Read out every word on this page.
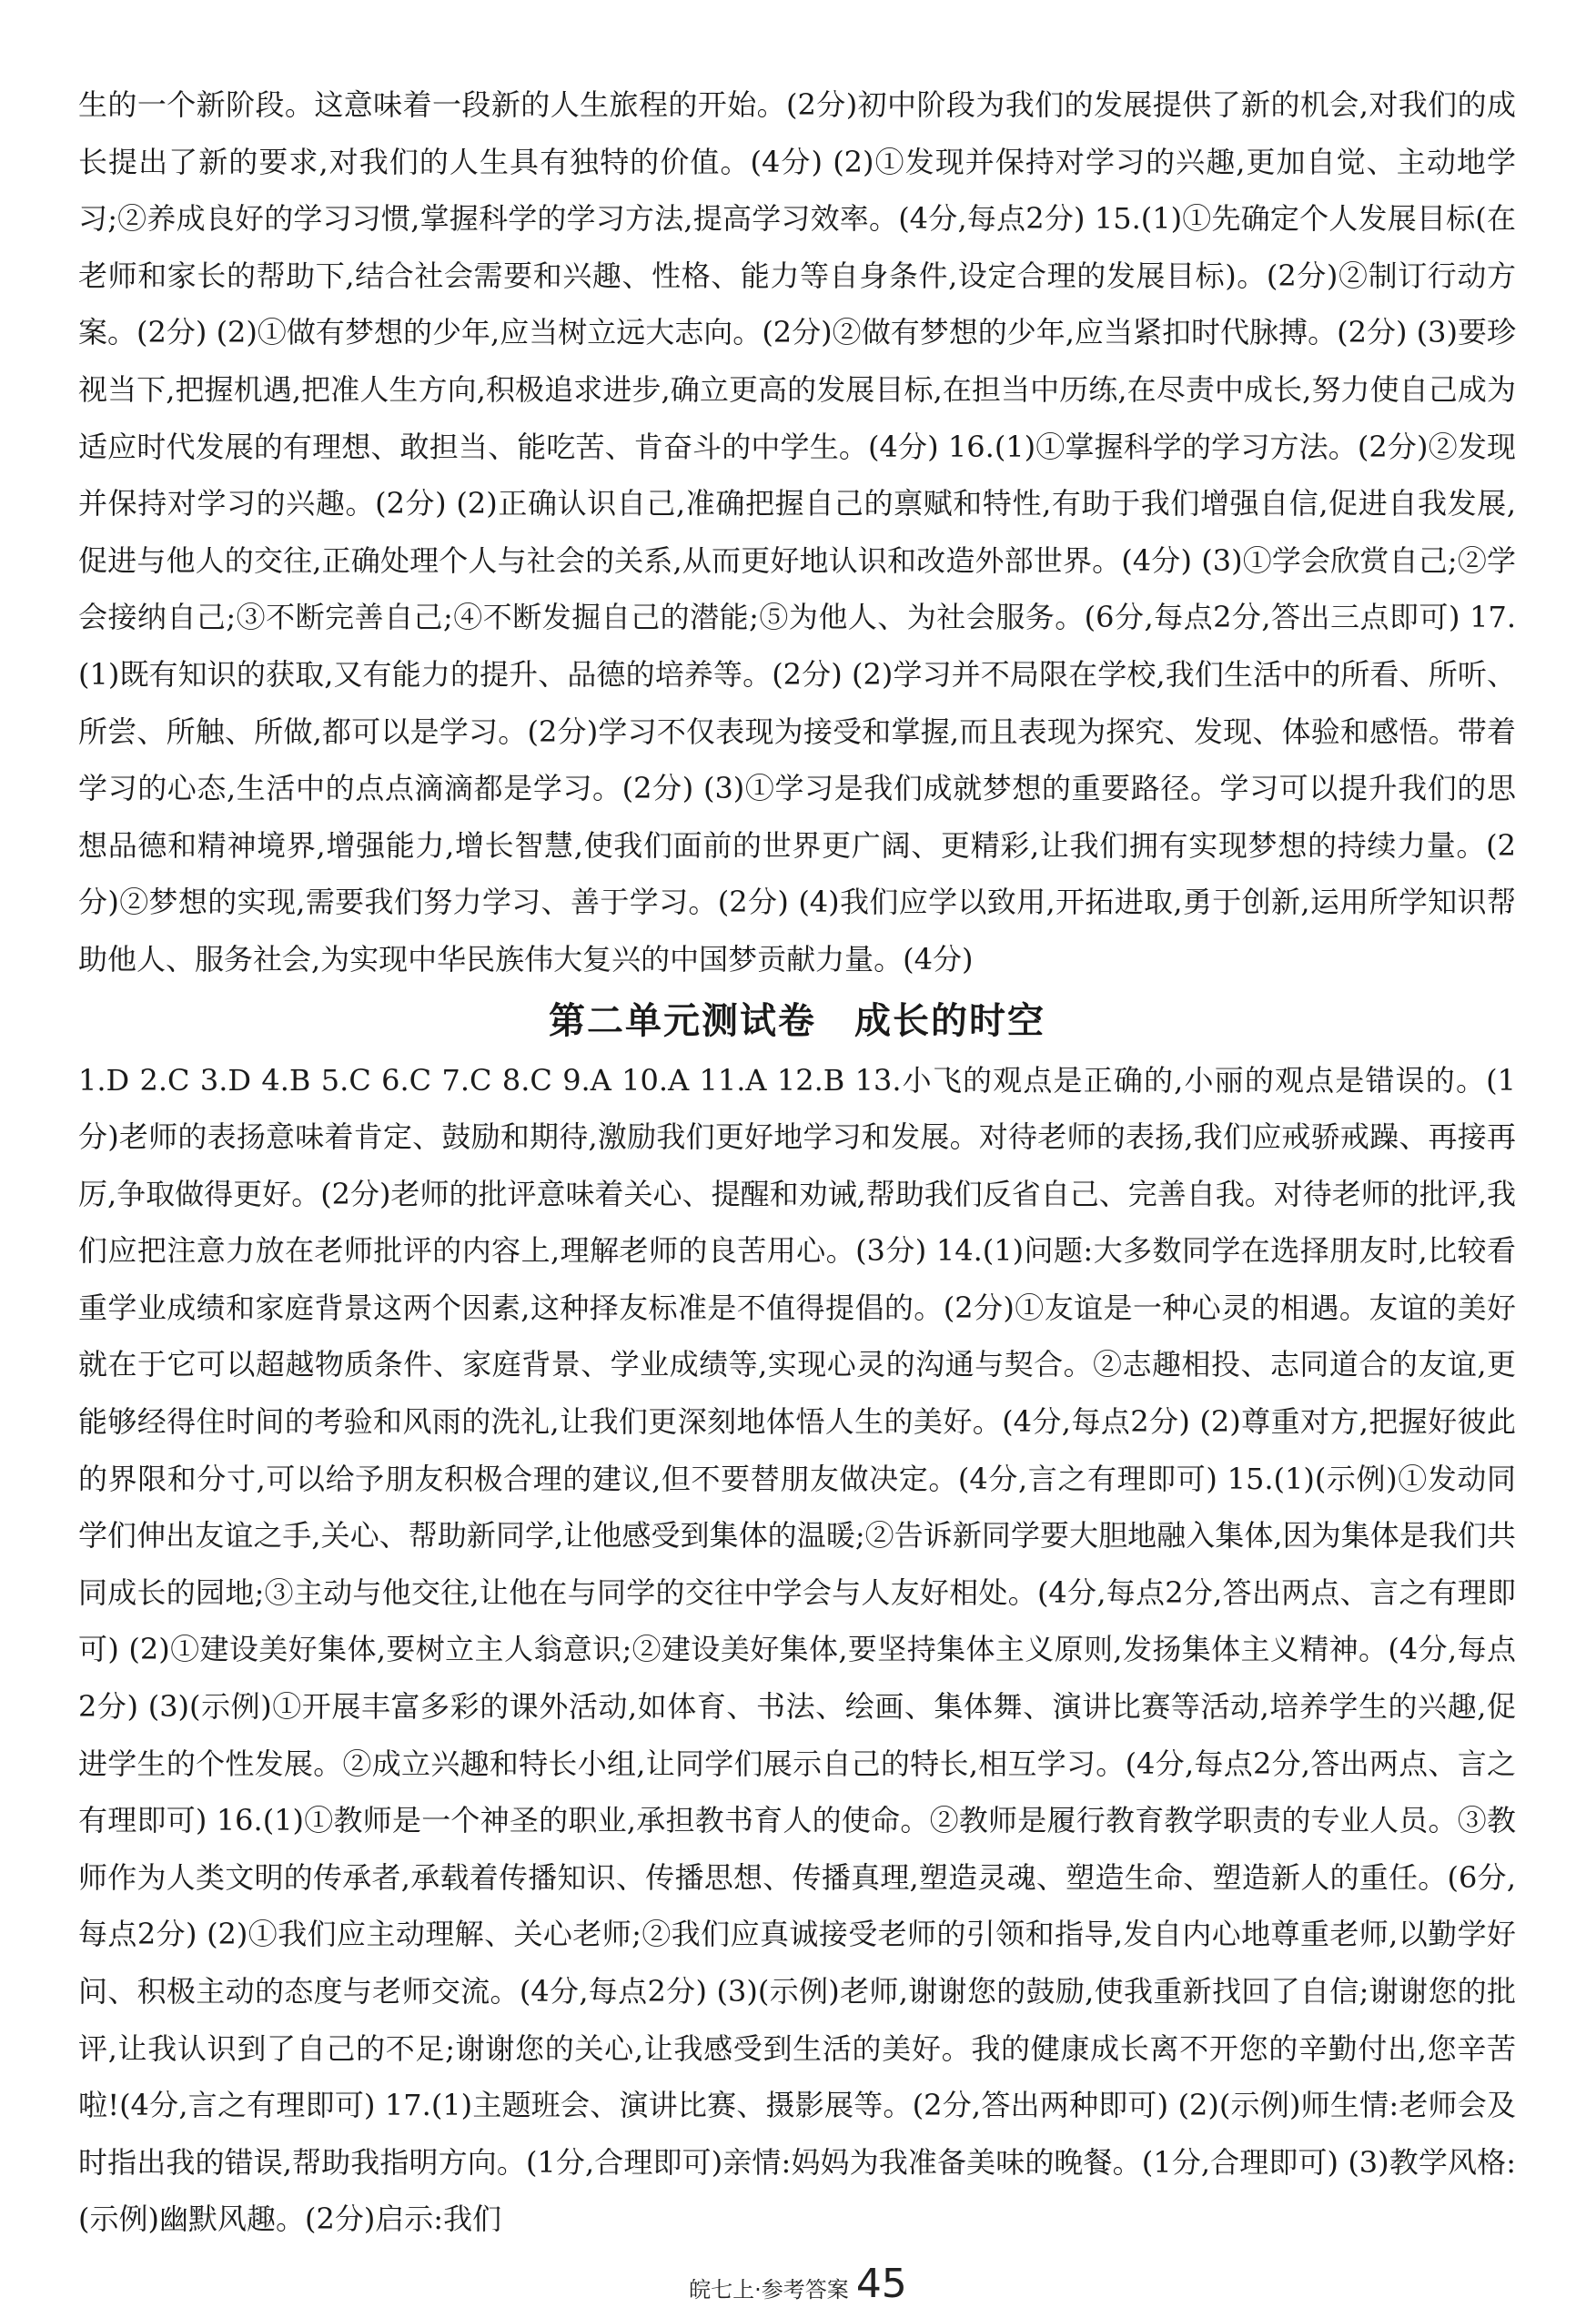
生的一个新阶段。这意味着一段新的人生旅程的开始。(2分)初中阶段为我们的发展提供了新的机会,对我们的成长提出了新的要求,对我们的人生具有独特的价值。(4分) (2)①发现并保持对学习的兴趣,更加自觉、主动地学习;②养成良好的学习习惯,掌握科学的学习方法,提高学习效率。(4分,每点2分) 15.(1)①先确定个人发展目标(在老师和家长的帮助下,结合社会需要和兴趣、性格、能力等自身条件,设定合理的发展目标)。(2分)②制订行动方案。(2分) (2)①做有梦想的少年,应当树立远大志向。(2分)②做有梦想的少年,应当紧扣时代脉搏。(2分) (3)要珍视当下,把握机遇,把准人生方向,积极追求进步,确立更高的发展目标,在担当中历练,在尽责中成长,努力使自己成为适应时代发展的有理想、敢担当、能吃苦、肯奋斗的中学生。(4分) 16.(1)①掌握科学的学习方法。(2分)②发现并保持对学习的兴趣。(2分) (2)正确认识自己,准确把握自己的禀赋和特性,有助于我们增强自信,促进自我发展,促进与他人的交往,正确处理个人与社会的关系,从而更好地认识和改造外部世界。(4分) (3)①学会欣赏自己;②学会接纳自己;③不断完善自己;④不断发掘自己的潜能;⑤为他人、为社会服务。(6分,每点2分,答出三点即可) 17.(1)既有知识的获取,又有能力的提升、品德的培养等。(2分) (2)学习并不局限在学校,我们生活中的所看、所听、所尝、所触、所做,都可以是学习。(2分)学习不仅表现为接受和掌握,而且表现为探究、发现、体验和感悟。带着学习的心态,生活中的点点滴滴都是学习。(2分) (3)①学习是我们成就梦想的重要路径。学习可以提升我们的思想品德和精神境界,增强能力,增长智慧,使我们面前的世界更广阔、更精彩,让我们拥有实现梦想的持续力量。(2分)②梦想的实现,需要我们努力学习、善于学习。(2分) (4)我们应学以致用,开拓进取,勇于创新,运用所学知识帮助他人、服务社会,为实现中华民族伟大复兴的中国梦贡献力量。(4分)

第二单元测试卷　成长的时空

1.D 2.C 3.D 4.B 5.C 6.C 7.C 8.C 9.A 10.A 11.A 12.B 13.小飞的观点是正确的,小丽的观点是错误的。(1分)老师的表扬意味着肯定、鼓励和期待,激励我们更好地学习和发展。对待老师的表扬,我们应戒骄戒躁、再接再厉,争取做得更好。(2分)老师的批评意味着关心、提醒和劝诫,帮助我们反省自己、完善自我。对待老师的批评,我们应把注意力放在老师批评的内容上,理解老师的良苦用心。(3分) 14.(1)问题:大多数同学在选择朋友时,比较看重学业成绩和家庭背景这两个因素,这种择友标准是不值得提倡的。(2分)①友谊是一种心灵的相遇。友谊的美好就在于它可以超越物质条件、家庭背景、学业成绩等,实现心灵的沟通与契合。②志趣相投、志同道合的友谊,更能够经得住时间的考验和风雨的洗礼,让我们更深刻地体悟人生的美好。(4分,每点2分) (2)尊重对方,把握好彼此的界限和分寸,可以给予朋友积极合理的建议,但不要替朋友做决定。(4分,言之有理即可) 15.(1)(示例)①发动同学们伸出友谊之手,关心、帮助新同学,让他感受到集体的温暖;②告诉新同学要大胆地融入集体,因为集体是我们共同成长的园地;③主动与他交往,让他在与同学的交往中学会与人友好相处。(4分,每点2分,答出两点、言之有理即可) (2)①建设美好集体,要树立主人翁意识;②建设美好集体,要坚持集体主义原则,发扬集体主义精神。(4分,每点2分) (3)(示例)①开展丰富多彩的课外活动,如体育、书法、绘画、集体舞、演讲比赛等活动,培养学生的兴趣,促进学生的个性发展。②成立兴趣和特长小组,让同学们展示自己的特长,相互学习。(4分,每点2分,答出两点、言之有理即可) 16.(1)①教师是一个神圣的职业,承担教书育人的使命。②教师是履行教育教学职责的专业人员。③教师作为人类文明的传承者,承载着传播知识、传播思想、传播真理,塑造灵魂、塑造生命、塑造新人的重任。(6分,每点2分) (2)①我们应主动理解、关心老师;②我们应真诚接受老师的引领和指导,发自内心地尊重老师,以勤学好问、积极主动的态度与老师交流。(4分,每点2分) (3)(示例)老师,谢谢您的鼓励,使我重新找回了自信;谢谢您的批评,让我认识到了自己的不足;谢谢您的关心,让我感受到生活的美好。我的健康成长离不开您的辛勤付出,您辛苦啦!(4分,言之有理即可) 17.(1)主题班会、演讲比赛、摄影展等。(2分,答出两种即可) (2)(示例)师生情:老师会及时指出我的错误,帮助我指明方向。(1分,合理即可)亲情:妈妈为我准备美味的晚餐。(1分,合理即可) (3)教学风格:(示例)幽默风趣。(2分)启示:我们

皖七上·参考答案 45
